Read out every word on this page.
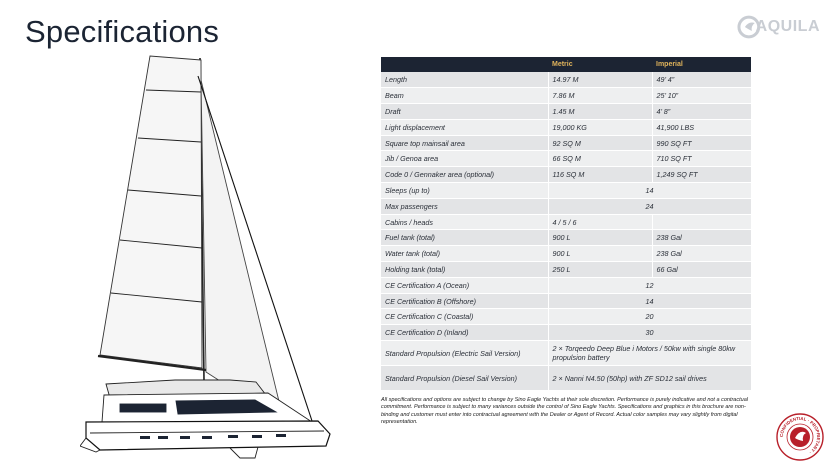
Specifications	AQUILA
	Metric	Imperial
Length	14.97 M	49’ 4”
Beam	7.86 M	25’ 10”
Draft	1.45 M	4’ 8”
Light displacement	19,000 KG	41,900 LBS
Square top mainsail area	92 SQ M	990 SQ FT
Jib / Genoa area	66 SQ M	710 SQ FT
Code 0 / Gennaker area (optional)	116 SQ M	1,249 SQ FT
Sleeps (up to)	14	
Max passengers	24	
Cabins / heads	4 / 5 / 6	
Fuel tank (total)	900 L	238 Gal
Water tank (total)	900 L	238 Gal
Holding tank (total)	250 L	66 Gal
CE Certification A (Ocean)	12	
CE Certification B (Offshore)	14	
CE Certification C (Coastal)	20	
CE Certification D (Inland)	30	
Standard Propulsion (Electric Sail Version)	2 × Torqeedo Deep Blue i Motors / 50kw with single 80kw propulsion battery	
Standard Propulsion (Diesel Sail Version)	2 × Nanni N4.50 (50hp) with ZF SD12 sail drives	

All specifications and options are subject to change by Sino Eagle Yachts at their sole discretion. Performance is purely indicative and not a contractual commitment. Performance is subject to many variances outside the control of Sino Eagle Yachts. Specifications and graphics in this brochure are non-binding and customer must enter into contractual agreement with the Dealer or Agent of Record. Actual color samples may vary slightly from digital representation.

CONFIDENTIAL · PROPRIETARY ·
